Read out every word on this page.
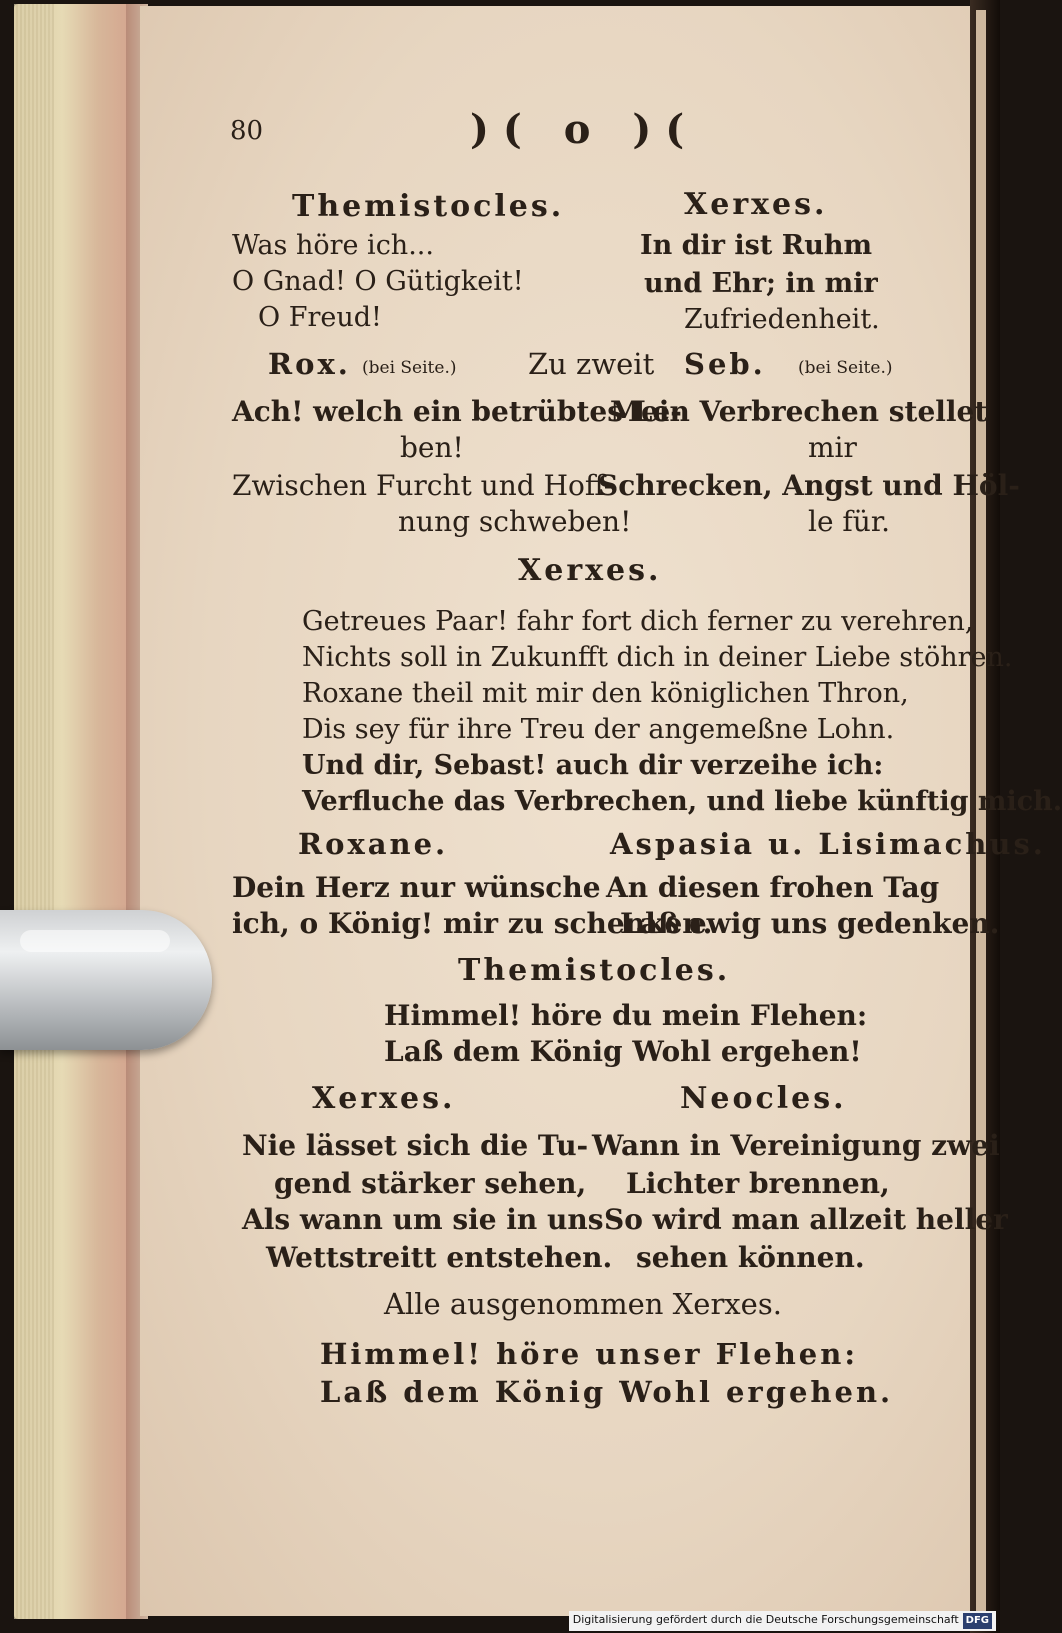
80	)( o )(
Themistocles.
Was höre ich...
O Gnad! O Gütigkeit!
O Freud!
Xerxes.
In dir ist Ruhm
und Ehr; in mir
Zufriedenheit.
Rox. (bei Seite.) Zu zweit Seb. (bei Seite.)
Ach! welch ein betrübtes Le-
ben!
Zwischen Furcht und Hoff-
nung schweben!
Mein Verbrechen stellet
mir
Schrecken, Angst und Höl-
le für.
Xerxes.
Getreues Paar! fahr fort dich ferner zu verehren,
Nichts soll in Zukunfft dich in deiner Liebe stöhren.
Roxane theil mit mir den königlichen Thron,
Dis sey für ihre Treu der angemeßne Lohn.
Und dir, Sebast! auch dir verzeihe ich:
Verfluche das Verbrechen, und liebe künftig mich.
Roxane.
Dein Herz nur wünsche
ich, o König! mir zu schenken.
Aspasia u. Lisimachus.
An diesen frohen Tag
Laß ewig uns gedenken.
Themistocles.
Himmel! höre du mein Flehen:
Laß dem König Wohl ergehen!
Xerxes.
Nie lässet sich die Tu-
gend stärker sehen,
Als wann um sie in uns
Wettstreitt entstehen.
Neocles.
Wann in Vereinigung zwei
Lichter brennen,
So wird man allzeit heller
sehen können.
Alle ausgenommen Xerxes.
Himmel! höre unser Flehen:
Laß dem König Wohl ergehen.
Digitalisierung gefördert durch die Deutsche Forschungsgemeinschaft DFG
